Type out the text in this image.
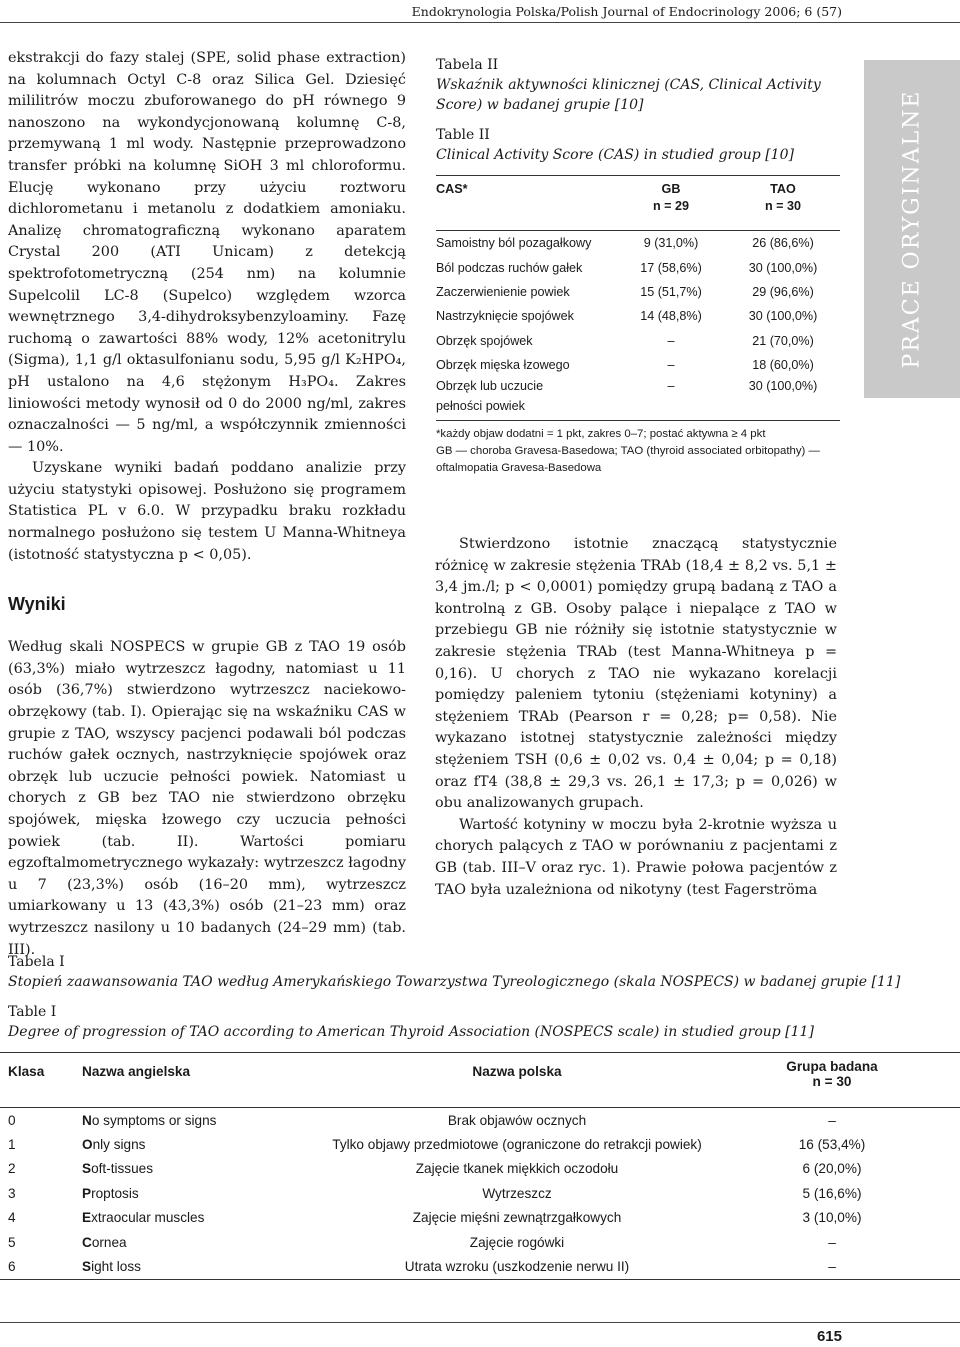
Endokrynologia Polska/Polish Journal of Endocrinology 2006; 6 (57)
PRACE ORYGINALNE

ekstrakcji do fazy stalej (SPE, solid phase extraction) na kolumnach Octyl C-8 oraz Silica Gel. Dziesięć mililitrów moczu zbuforowanego do pH równego 9 nanoszono na wykondycjonowaną kolumnę C-8, przemywaną 1 ml wody. Następnie przeprowadzono transfer próbki na kolumnę SiOH 3 ml chloroformu. Elucję wykonano przy użyciu roztworu dichlorometanu i metanolu z dodatkiem amoniaku. Analizę chromatograficzną wykonano aparatem Crystal 200 (ATI Unicam) z detekcją spektrofotometryczną (254 nm) na kolumnie Supelcolil LC-8 (Supelco) względem wzorca wewnętrznego 3,4-dihydroksybenzyloaminy. Fazę ruchomą o zawartości 88% wody, 12% acetonitrylu (Sigma), 1,1 g/l oktasulfonianu sodu, 5,95 g/l K₂HPO₄, pH ustalono na 4,6 stężonym H₃PO₄. Zakres liniowości metody wynosił od 0 do 2000 ng/ml, zakres oznaczalności — 5 ng/ml, a współczynnik zmienności — 10%.

Uzyskane wyniki badań poddano analizie przy użyciu statystyki opisowej. Posłużono się programem Statistica PL v 6.0. W przypadku braku rozkładu normalnego posłużono się testem U Manna-Whitneya (istotność statystyczna p < 0,05).

Wyniki

Według skali NOSPECS w grupie GB z TAO 19 osób (63,3%) miało wytrzeszcz łagodny, natomiast u 11 osób (36,7%) stwierdzono wytrzeszcz naciekowo-obrzękowy (tab. I). Opierając się na wskaźniku CAS w grupie z TAO, wszyscy pacjenci podawali ból podczas ruchów gałek ocznych, nastrzyknięcie spojówek oraz obrzęk lub uczucie pełności powiek. Natomiast u chorych z GB bez TAO nie stwierdzono obrzęku spojówek, mięska łzowego czy uczucia pełności powiek (tab. II). Wartości pomiaru egzoftalmometrycznego wykazały: wytrzeszcz łagodny u 7 (23,3%) osób (16–20 mm), wytrzeszcz umiarkowany u 13 (43,3%) osób (21–23 mm) oraz wytrzeszcz nasilony u 10 badanych (24–29 mm) (tab. III).

Tabela II
Wskaźnik aktywności klinicznej (CAS, Clinical Activity Score) w badanej grupie [10]
Table II
Clinical Activity Score (CAS) in studied group [10]
CAS*	GB	TAO
	n = 29	n = 30

Samoistny ból pozagałkowy	9 (31,0%)	26 (86,6%)
Ból podczas ruchów gałek	17 (58,6%)	30 (100,0%)
Zaczerwienienie powiek	15 (51,7%)	29 (96,6%)
Nastrzyknięcie spojówek	14 (48,8%)	30 (100,0%)
Obrzęk spojówek	–	21 (70,0%)
Obrzęk mięska łzowego	–	18 (60,0%)
Obrzęk lub uczucie	–	30 (100,0%)
pełności powiek		
*każdy objaw dodatni = 1 pkt, zakres 0–7; postać aktywna ≥ 4 pkt
GB — choroba Gravesa-Basedowa; TAO (thyroid associated orbitopathy) — oftalmopatia Gravesa-Basedowa

Stwierdzono istotnie znaczącą statystycznie różnicę w zakresie stężenia TRAb (18,4 ± 8,2 vs. 5,1 ± 3,4 jm./l; p < 0,0001) pomiędzy grupą badaną z TAO a kontrolną z GB. Osoby palące i niepalące z TAO w przebiegu GB nie różniły się istotnie statystycznie w zakresie stężenia TRAb (test Manna-Whitneya p = 0,16). U chorych z TAO nie wykazano korelacji pomiędzy paleniem tytoniu (stężeniami kotyniny) a stężeniem TRAb (Pearson r = 0,28; p= 0,58). Nie wykazano istotnej statystycznie zależności między stężeniem TSH (0,6 ± 0,02 vs. 0,4 ± 0,04; p = 0,18) oraz fT4 (38,8 ± 29,3 vs. 26,1 ± 17,3; p = 0,026) w obu analizowanych grupach.

Wartość kotyniny w moczu była 2-krotnie wyższa u chorych palących z TAO w porównaniu z pacjentami z GB (tab. III–V oraz ryc. 1). Prawie połowa pacjentów z TAO była uzależniona od nikotyny (test Fagerströma

Tabela I
Stopień zaawansowania TAO według Amerykańskiego Towarzystwa Tyreologicznego (skala NOSPECS) w badanej grupie [11]
Table I
Degree of progression of TAO according to American Thyroid Association (NOSPECS scale) in studied group [11]

Klasa	Nazwa angielska	Nazwa polska	Grupa badana
n = 30

0	No symptoms or signs	Brak objawów ocznych	–
1	Only signs	Tylko objawy przedmiotowe (ograniczone do retrakcji powiek)	16 (53,4%)
2	Soft-tissues	Zajęcie tkanek miękkich oczodołu	6 (20,0%)
3	Proptosis	Wytrzeszcz	5 (16,6%)
4	Extraocular muscles	Zajęcie mięśni zewnątrzgałkowych	3 (10,0%)
5	Cornea	Zajęcie rogówki	–
6	Sight loss	Utrata wzroku (uszkodzenie nerwu II)	–
615
